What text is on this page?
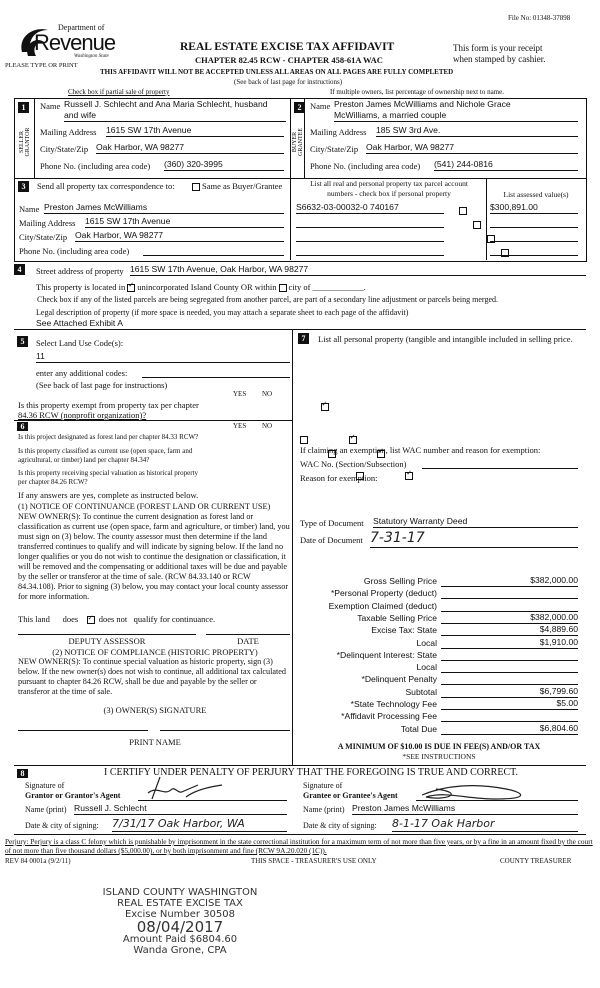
File No: 01348-37898
Department of
Revenue
Washington State
PLEASE TYPE OR PRINT
REAL ESTATE EXCISE TAX AFFIDAVIT
CHAPTER 82.45 RCW - CHAPTER 458-61A WAC
This form is your receipt
when stamped by cashier.
THIS AFFIDAVIT WILL NOT BE ACCEPTED UNLESS ALL AREAS ON ALL PAGES ARE FULLY COMPLETED
(See back of last page for instructions)
Check box if partial sale of property	If multiple owners, list percentage of ownership next to name.
1
SELLER GRANTOR
Name Russell J. Schlecht and Ana Maria Schlecht, husband
and wife
Mailing Address 1615 SW 17th Avenue
City/State/Zip Oak Harbor, WA 98277
Phone No. (including area code) (360) 320-3995
2
BUYER GRANTEE
Name Preston James McWilliams and Nichole Grace
McWilliams, a married couple
Mailing Address 185 SW 3rd Ave.
City/State/Zip Oak Harbor, WA 98277
Phone No. (including area code) (541) 244-0816
3	Send all property tax correspondence to:	Same as Buyer/Grantee
Name Preston James McWilliams
Mailing Address 1615 SW 17th Avenue
City/State/Zip Oak Harbor, WA 98277
Phone No. (including area code)
List all real and personal property tax parcel account
numbers - check box if personal property	List assessed value(s)
S6632-03-00032-0 740167
	$300,891.00

4	Street address of property 1615 SW 17th Avenue, Oak Harbor, WA 98277
This property is located in ✓ unincorporated Island County OR within city of ____________.
Check box if any of the listed parcels are being segregated from another parcel, are part of a secondary line adjustment or parcels being merged.
Legal description of property (if more space is needed, you may attach a separate sheet to each page of the affidavit)
See Attached Exhibit A
5	Select Land Use Code(s):
11
enter any additional codes:
(See back of last page for instructions)
YES NO
Is this property exempt from property tax per chapter
✓
84.36 RCW (nonprofit organization)?
6	YES NO
Is this project designated as forest land per chapter 84.33 RCW?
✓
Is this property classified as current use (open space, farm and
agricultural, or timber) land per chapter 84.34?
✓
Is this property receiving special valuation as historical property
per chapter 84.26 RCW?
✓
If any answers are yes, complete as instructed below.
(1) NOTICE OF CONTINUANCE (FOREST LAND OR CURRENT USE)
NEW OWNER(S): To continue the current designation as forest land or classification as current use (open space, farm and agriculture, or timber) land, you must sign on (3) below. The county assessor must then determine if the land transferred continues to qualify and will indicate by signing below. If the land no longer qualifies or you do not wish to continue the designation or classification, it will be removed and the compensating or additional taxes will be due and payable by the seller or transferor at the time of sale. (RCW 84.33.140 or RCW 84.34.108). Prior to signing (3) below, you may contact your local county assessor for more information.
This land does ✓ does not qualify for continuance.
DEPUTY ASSESSOR	DATE
(2) NOTICE OF COMPLIANCE (HISTORIC PROPERTY)
NEW OWNER(S): To continue special valuation as historic property, sign (3) below. If the new owner(s) does not wish to continue, all additional tax calculated pursuant to chapter 84.26 RCW, shall be due and payable by the seller or transferor at the time of sale.
(3) OWNER(S) SIGNATURE
PRINT NAME
7	List all personal property (tangible and intangible included in selling price.
If claiming an exemption, list WAC number and reason for exemption:
WAC No. (Section/Subsection)
Reason for exemption:
Type of Document Statutory Warranty Deed
Date of Document 7-31-17
Gross Selling Price	$382,000.00
*Personal Property (deduct)
Exemption Claimed (deduct)
Taxable Selling Price	$382,000.00
Excise Tax: State	$4,889.60
Local	$1,910.00
*Delinquent Interest: State
Local
*Delinquent Penalty
Subtotal	$6,799.60
*State Technology Fee	$5.00
*Affidavit Processing Fee
Total Due	$6,804.60
A MINIMUM OF $10.00 IS DUE IN FEE(S) AND/OR TAX
*SEE INSTRUCTIONS
8	I CERTIFY UNDER PENALTY OF PERJURY THAT THE FOREGOING IS TRUE AND CORRECT.
Signature of
Grantor or Grantor's Agent
Name (print) Russell J. Schlecht
Date & city of signing: 7/31/17 Oak Harbor, WA
Signature of
Grantee or Grantee's Agent
Name (print) Preston James McWilliams
Date & city of signing: 8-1-17 Oak Harbor
Perjury: Perjury is a class C felony which is punishable by imprisonment in the state correctional institution for a maximum term of not more than five years, or by a fine in an amount fixed by the court of not more than five thousand dollars ($5,000.00), or by both imprisonment and fine (RCW 9A.20.020 (1C)).
REV 84 0001a (9/2/11)	THIS SPACE - TREASURER'S USE ONLY	COUNTY TREASURER
ISLAND COUNTY WASHINGTON
REAL ESTATE EXCISE TAX
Excise Number 30508
08/04/2017
Amount Paid $6804.60
Wanda Grone, CPA
